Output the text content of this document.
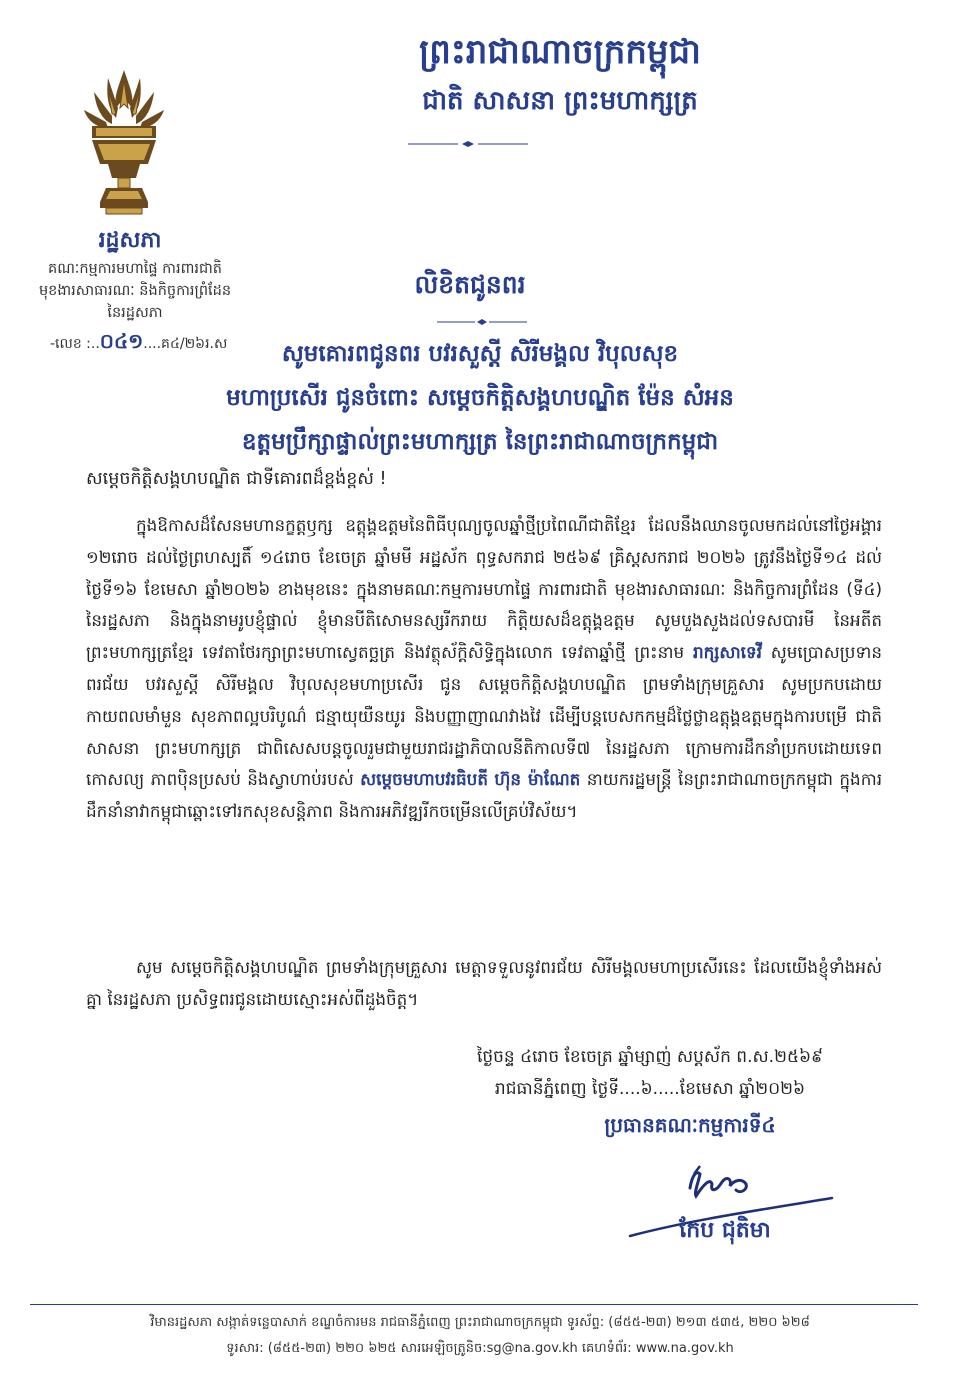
ព្រះរាជាណាចក្រកម្ពុជា
ជាតិ សាសនា ព្រះមហាក្សត្រ
រដ្ឋសភា
គណៈកម្មការមហាផ្ទៃ ការពារជាតិ
មុខងារសាធារណៈ និងកិច្ចការព្រំដែន
នៃរដ្ឋសភា
-លេខ :..០៤១....គ៤/២៦រ.ស
លិខិតជូនពរ
សូមគោរពជូនពរ បវរសួស្តី សិរីមង្គល វិបុលសុខ
មហាប្រសើរ ជូនចំពោះ សម្តេចកិត្តិសង្គហបណ្ឌិត ម៉ែន សំអន
ឧត្តមប្រឹក្សាផ្ទាល់ព្រះមហាក្សត្រ នៃព្រះរាជាណាចក្រកម្ពុជា
សម្តេចកិត្តិសង្គហបណ្ឌិត ជាទីគោរពដ៏ខ្ពង់ខ្ពស់ !

ក្នុងឱកាសដ៏សែនមហានក្ខត្តឫក្ស ឧត្តុង្គឧត្តមនៃពិធីបុណ្យចូលឆ្នាំថ្មីប្រពៃណីជាតិខ្មែរ ដែលនឹងឈានចូលមកដល់នៅថ្ងៃអង្គារ ១២រោច ដល់ថ្ងៃព្រហស្បតិ៍ ១៤រោច ខែចេត្រ ឆ្នាំមមី អដ្ឋស័ក ពុទ្ធសករាជ ២៥៦៩ គ្រិស្តសករាជ ២០២៦ ត្រូវនឹងថ្ងៃទី១៤ ដល់ថ្ងៃទី១៦ ខែមេសា ឆ្នាំ២០២៦ ខាងមុខនេះ ក្នុងនាមគណៈកម្មការមហាផ្ទៃ ការពារជាតិ មុខងារសាធារណៈ និងកិច្ចការព្រំដែន (ទី៤) នៃរដ្ឋសភា និងក្នុងនាមរូបខ្ញុំផ្ទាល់ ខ្ញុំមានបីតិសោមនស្សរីករាយ កិត្តិយសដ៏ឧត្តុង្គឧត្តម សូមបួងសួងដល់ទសបារមី នៃអតីតព្រះមហាក្សត្រខ្មែរ ទេវតាថែរក្សាព្រះមហាស្វេតច្ឆត្រ និងវត្ថុស័ក្តិសិទ្ធិក្នុងលោក ទេវតាឆ្នាំថ្មី ព្រះនាម រាក្សសាទេវី សូមប្រោសប្រទានពរជ័យ បវរសួស្តី សិរីមង្គល វិបុលសុខមហាប្រសើរ ជូន សម្តេចកិត្តិសង្គហបណ្ឌិត ព្រមទាំងក្រុមគ្រួសារ សូមប្រកបដោយកាយពលមាំមួន សុខភាពល្អបរិបូណ៌ ជន្មាយុយឺនយូរ និងបញ្ញាញាណវាងវៃ ដើម្បីបន្តបេសកកម្មដ៏ថ្លៃថ្លាឧត្តុង្គឧត្តមក្នុងការបម្រើ ជាតិ សាសនា ព្រះមហាក្សត្រ ជាពិសេសបន្តចូលរួមជាមួយរាជរដ្ឋាភិបាលនីតិកាលទី៧ នៃរដ្ឋសភា ក្រោមការដឹកនាំប្រកបដោយទេពកោសល្យ ភាពប៉ិនប្រសប់ និងស្វាហាប់របស់ សម្តេចមហាបវរធិបតី ហ៊ុន ម៉ាណែត នាយករដ្ឋមន្ត្រី នៃព្រះរាជាណាចក្រកម្ពុជា ក្នុងការដឹកនាំនាវាកម្ពុជាឆ្ពោះទៅរកសុខសន្តិភាព និងការអភិវឌ្ឍរីកចម្រើនលើគ្រប់វិស័យ។

សូម សម្តេចកិត្តិសង្គហបណ្ឌិត ព្រមទាំងក្រុមគ្រួសារ មេត្តាទទួលនូវពរជ័យ សិរីមង្គលមហាប្រសើរនេះ ដែលយើងខ្ញុំទាំងអស់គ្នា នៃរដ្ឋសភា ប្រសិទ្ធពរជូនដោយស្មោះអស់ពីដួងចិត្ត។

ថ្ងៃចន្ទ ៤រោច ខែចេត្រ ឆ្នាំម្សាញ់ សប្តស័ក ព.ស.២៥៦៩
រាជធានីភ្នំពេញ ថ្ងៃទី....៦.....ខែមេសា ឆ្នាំ២០២៦
ប្រធានគណៈកម្មការទី៤
កែប ជុតិមា
វិមានរដ្ឋសភា សង្កាត់ទន្លេបាសាក់ ខណ្ឌចំការមន រាជធានីភ្នំពេញ ព្រះរាជាណាចក្រកម្ពុជា ទូរស័ព្ទ: (៨៥៥-២៣) ២១៣ ៥៣៥, ២២០ ៦២៨
ទូរសារ: (៨៥៥-២៣) ២២០ ៦២៥ សារអេឡិចត្រូនិច:sg@na.gov.kh គេហទំព័រ: www.na.gov.kh
